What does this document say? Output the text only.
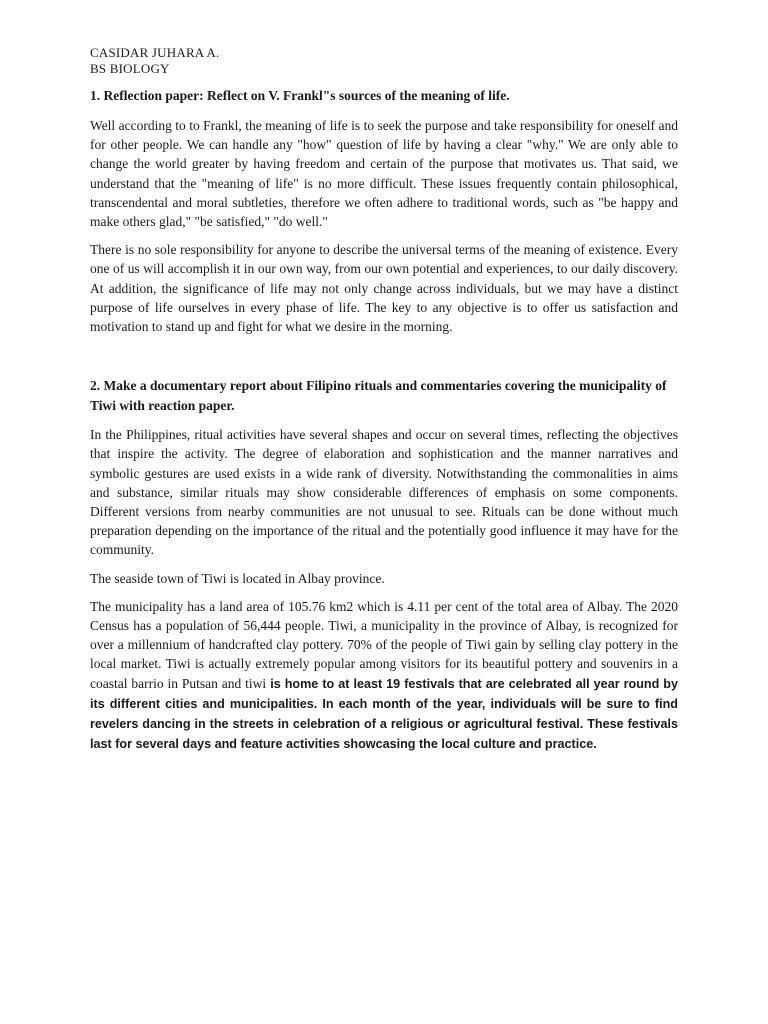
CASIDAR JUHARA A.
BS BIOLOGY

1. Reflection paper: Reflect on V. Frankl"s sources of the meaning of life.

Well according to to Frankl, the meaning of life is to seek the purpose and take responsibility for oneself and for other people. We can handle any "how" question of life by having a clear "why." We are only able to change the world greater by having freedom and certain of the purpose that motivates us. That said, we understand that the "meaning of life" is no more difficult. These issues frequently contain philosophical, transcendental and moral subtleties, therefore we often adhere to traditional words, such as "be happy and make others glad," "be satisfied," "do well."

There is no sole responsibility for anyone to describe the universal terms of the meaning of existence. Every one of us will accomplish it in our own way, from our own potential and experiences, to our daily discovery. At addition, the significance of life may not only change across individuals, but we may have a distinct purpose of life ourselves in every phase of life. The key to any objective is to offer us satisfaction and motivation to stand up and fight for what we desire in the morning.

2. Make a documentary report about Filipino rituals and commentaries covering the municipality of Tiwi with reaction paper.

In the Philippines, ritual activities have several shapes and occur on several times, reflecting the objectives that inspire the activity. The degree of elaboration and sophistication and the manner narratives and symbolic gestures are used exists in a wide rank of diversity. Notwithstanding the commonalities in aims and substance, similar rituals may show considerable differences of emphasis on some components. Different versions from nearby communities are not unusual to see. Rituals can be done without much preparation depending on the importance of the ritual and the potentially good influence it may have for the community.

The seaside town of Tiwi is located in Albay province.

The municipality has a land area of 105.76 km2 which is 4.11 per cent of the total area of Albay. The 2020 Census has a population of 56,444 people. Tiwi, a municipality in the province of Albay, is recognized for over a millennium of handcrafted clay pottery. 70% of the people of Tiwi gain by selling clay pottery in the local market. Tiwi is actually extremely popular among visitors for its beautiful pottery and souvenirs in a coastal barrio in Putsan and tiwi is home to at least 19 festivals that are celebrated all year round by its different cities and municipalities. In each month of the year, individuals will be sure to find revelers dancing in the streets in celebration of a religious or agricultural festival. These festivals last for several days and feature activities showcasing the local culture and practice.
